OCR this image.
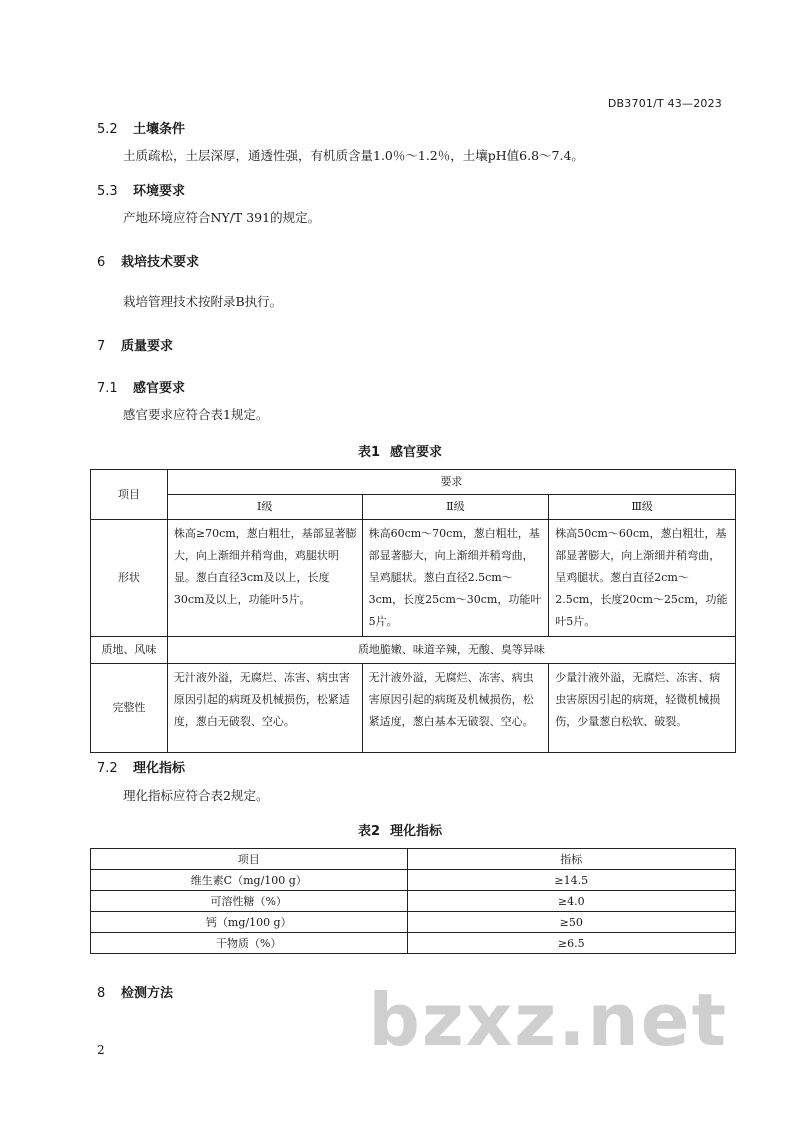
DB3701/T 43—2023
5.2 土壤条件
土质疏松，土层深厚，通透性强，有机质含量1.0％～1.2％，土壤pH值6.8～7.4。
5.3 环境要求
产地环境应符合NY/T 391的规定。
6 栽培技术要求
栽培管理技术按附录B执行。
7 质量要求
7.1 感官要求
感官要求应符合表1规定。
表1 感官要求
项目	要求		
	Ⅰ级	Ⅱ级	Ⅲ级
形状	株高≥70cm，葱白粗壮，基部显著膨大，向上渐细并稍弯曲，鸡腿状明显。葱白直径3cm及以上，长度30cm及以上，功能叶5片。	株高60cm～70cm，葱白粗壮，基部显著膨大，向上渐细并稍弯曲，呈鸡腿状。葱白直径2.5cm～3cm，长度25cm～30cm，功能叶5片。	株高50cm～60cm，葱白粗壮，基部显著膨大，向上渐细并稍弯曲，呈鸡腿状。葱白直径2cm～2.5cm，长度20cm～25cm，功能叶5片。
质地、风味	质地脆嫩、味道辛辣，无酸、臭等异味		
完整性	无汁液外溢，无腐烂、冻害、病虫害原因引起的病斑及机械损伤，松紧适度，葱白无破裂、空心。	无汁液外溢，无腐烂、冻害、病虫害原因引起的病斑及机械损伤，松紧适度，葱白基本无破裂、空心。	少量汁液外溢，无腐烂、冻害、病虫害原因引起的病斑，轻微机械损伤，少量葱白松软、破裂。
7.2 理化指标
理化指标应符合表2规定。
表2 理化指标
项目	指标
维生素C（mg/100 g）	≥14.5
可溶性糖（%）	≥4.0
钙（mg/100 g）	≥50
干物质（%）	≥6.5
8 检测方法	bzxz.net
2
